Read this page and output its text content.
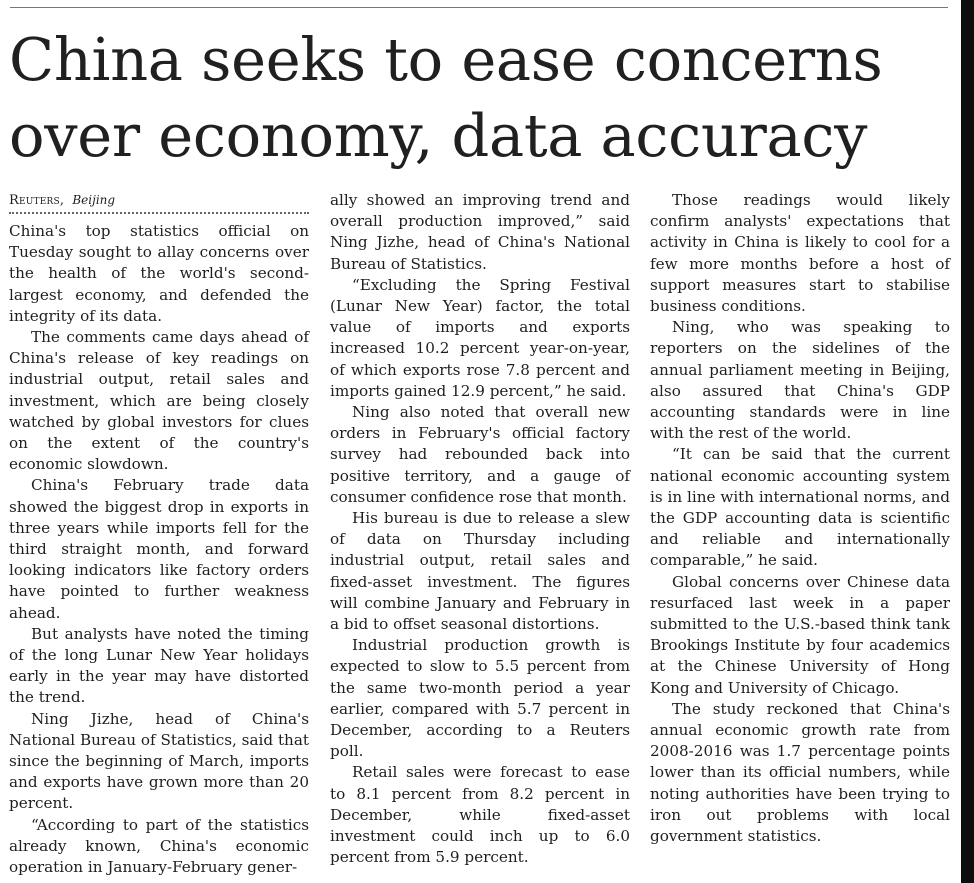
China seeks to ease concerns
over economy, data accuracy
Reuters, Beijing

China's top statistics official on Tuesday sought to allay concerns over the health of the world's second-largest economy, and defended the integrity of its data.

The comments came days ahead of China's release of key readings on industrial output, retail sales and investment, which are being closely watched by global investors for clues on the extent of the country's economic slowdown.

China's February trade data showed the biggest drop in exports in three years while imports fell for the third straight month, and forward looking indicators like factory orders have pointed to further weakness ahead.

But analysts have noted the timing of the long Lunar New Year holidays early in the year may have distorted the trend.

Ning Jizhe, head of China's National Bureau of Statistics, said that since the beginning of March, imports and exports have grown more than 20 percent.

“According to part of the statistics already known, China's economic operation in January-February gener-

ally showed an improving trend and overall production improved,” said Ning Jizhe, head of China's National Bureau of Statistics.

“Excluding the Spring Festival (Lunar New Year) factor, the total value of imports and exports increased 10.2 percent year-on-year, of which exports rose 7.8 percent and imports gained 12.9 percent,” he said.

Ning also noted that overall new orders in February's official factory survey had rebounded back into positive territory, and a gauge of consumer confidence rose that month.

His bureau is due to release a slew of data on Thursday including industrial output, retail sales and fixed-asset investment. The figures will combine January and February in a bid to offset seasonal distortions.

Industrial production growth is expected to slow to 5.5 percent from the same two-month period a year earlier, compared with 5.7 percent in December, according to a Reuters poll.

Retail sales were forecast to ease to 8.1 percent from 8.2 percent in December, while fixed-asset investment could inch up to 6.0 percent from 5.9 percent.

Those readings would likely confirm analysts' expectations that activity in China is likely to cool for a few more months before a host of support measures start to stabilise business conditions.

Ning, who was speaking to reporters on the sidelines of the annual parliament meeting in Beijing, also assured that China's GDP accounting standards were in line with the rest of the world.

“It can be said that the current national economic accounting system is in line with international norms, and the GDP accounting data is scientific and reliable and internationally comparable,” he said.

Global concerns over Chinese data resurfaced last week in a paper submitted to the U.S.-based think tank Brookings Institute by four academics at the Chinese University of Hong Kong and University of Chicago.

The study reckoned that China's annual economic growth rate from 2008-2016 was 1.7 percentage points lower than its official numbers, while noting authorities have been trying to iron out problems with local government statistics.
